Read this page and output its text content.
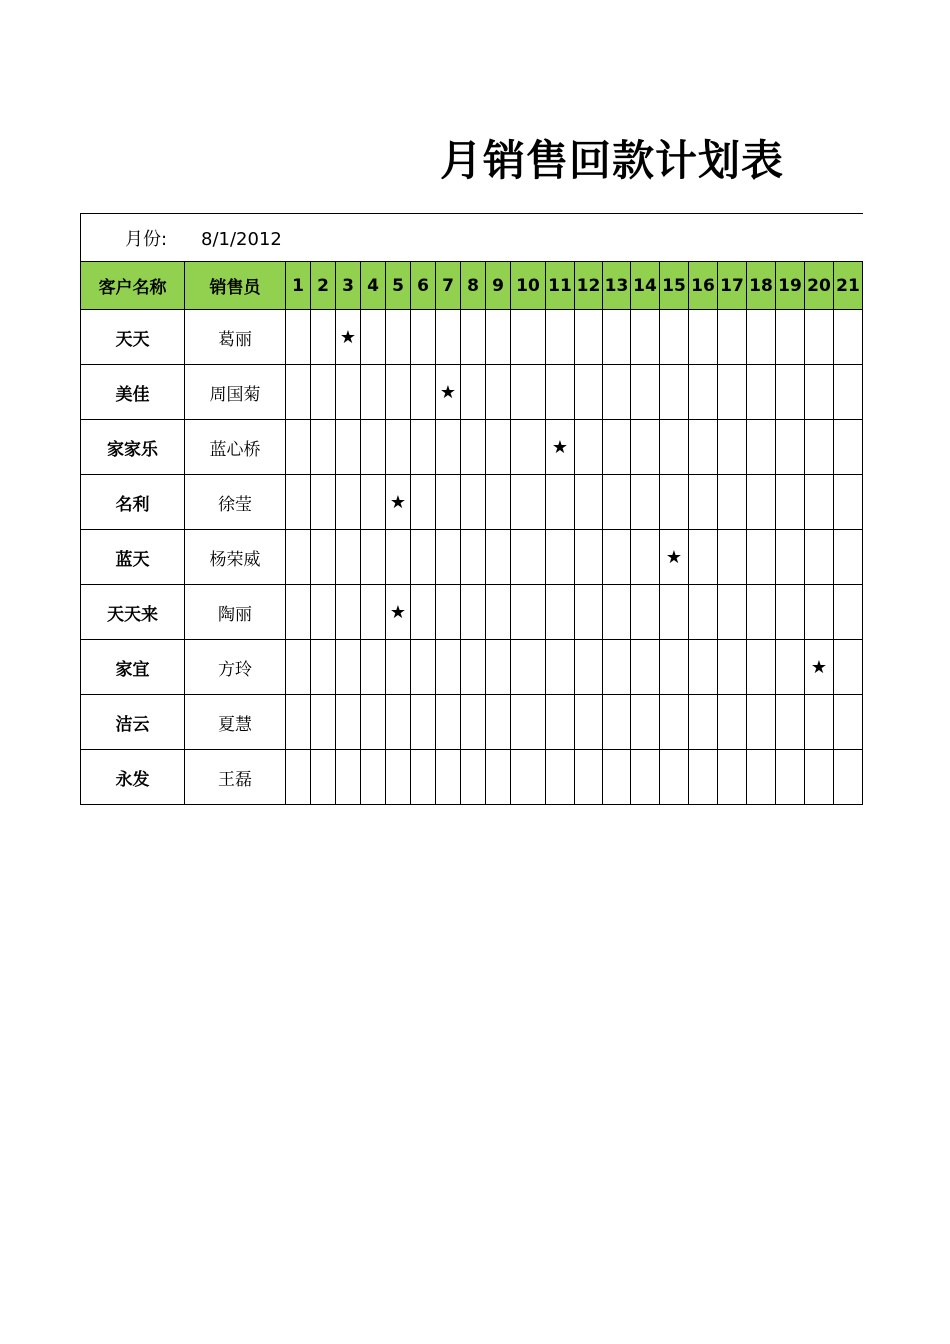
月销售回款计划表
月份: 8/1/2012																						
客户名称	销售员	1	2	3	4	5	6	7	8	9	10	11	12	13	14	15	16	17	18	19	20	21
天天	葛丽			★																		
美佳	周国菊							★														
家家乐	蓝心桥											★										
名利	徐莹					★																
蓝天	杨荣威															★						
天天来	陶丽					★																
家宜	方玲																				★	
洁云	夏慧																					
永发	王磊																					
